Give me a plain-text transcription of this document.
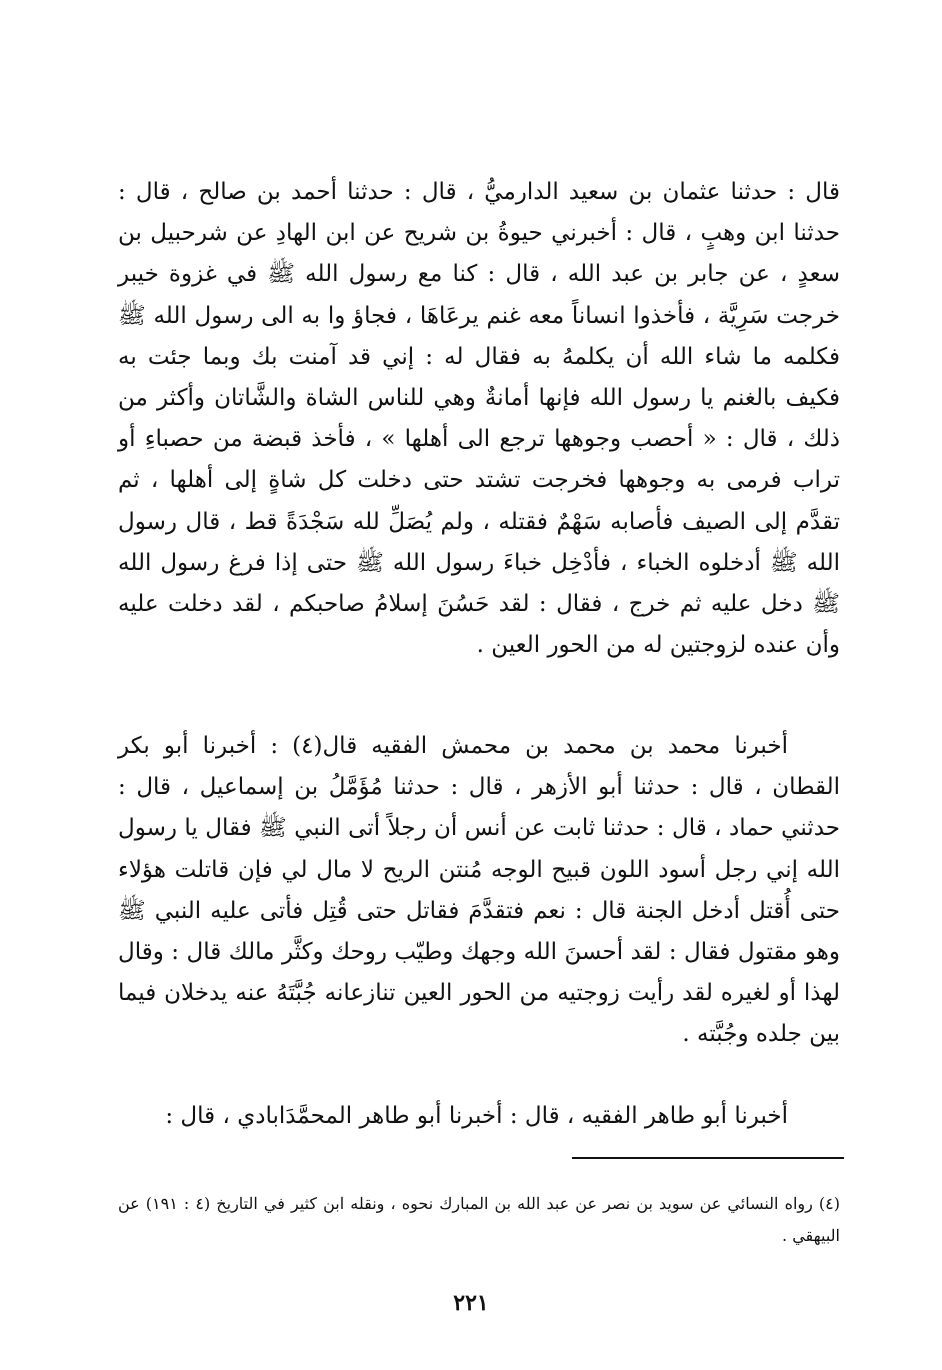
قال : حدثنا عثمان بن سعيد الدارميُّ ، قال : حدثنا أحمد بن صالح ، قال : حدثنا ابن وهبٍ ، قال : أخبرني حيوةُ بن شريح عن ابن الهادِ عن شرحبيل بن سعدٍ ، عن جابر بن عبد الله ، قال : كنا مع رسول الله ﷺ في غزوة خيبر خرجت سَرِيَّة ، فأخذوا انساناً معه غنم يرعَاهَا ، فجاؤ وا به الى رسول الله ﷺ فكلمه ما شاء الله أن يكلمهُ به فقال له : إني قد آمنت بك وبما جئت به فكيف بالغنم يا رسول الله فإنها أمانةٌ وهي للناس الشاة والشَّاتان وأكثر من ذلك ، قال : « أحصب وجوهها ترجع الى أهلها » ، فأخذ قبضة من حصباءِ أو تراب فرمى به وجوهها فخرجت تشتد حتى دخلت كل شاةٍ إلى أهلها ، ثم تقدَّم إلى الصيف فأصابه سَهْمٌ فقتله ، ولم يُصَلِّ لله سَجْدَةً قط ، قال رسول الله ﷺ أدخلوه الخباء ، فأدْخِل خباءَ رسول الله ﷺ حتى إذا فرغ رسول الله ﷺ دخل عليه ثم خرج ، فقال : لقد حَسُنَ إسلامُ صاحبكم ، لقد دخلت عليه وأن عنده لزوجتين له من الحور العين .

أخبرنا محمد بن محمد بن محمش الفقيه قال(٤) : أخبرنا أبو بكر القطان ، قال : حدثنا أبو الأزهر ، قال : حدثنا مُؤَمَّلُ بن إسماعيل ، قال : حدثني حماد ، قال : حدثنا ثابت عن أنس أن رجلاً أتى النبي ﷺ فقال يا رسول الله إني رجل أسود اللون قبيح الوجه مُنتن الريح لا مال لي فإن قاتلت هؤلاء حتى أُقتل أدخل الجنة قال : نعم فتقدَّمَ فقاتل حتى قُتِل فأتى عليه النبي ﷺ وهو مقتول فقال : لقد أحسنَ الله وجهك وطيّب روحك وكثَّر مالك قال : وقال لهذا أو لغيره لقد رأيت زوجتيه من الحور العين تنازعانه جُبَّتَهُ عنه يدخلان فيما بين جلده وجُبَّته .

أخبرنا أبو طاهر الفقيه ، قال : أخبرنا أبو طاهر المحمَّدَابادي ، قال :

(٤) رواه النسائي عن سويد بن نصر عن عبد الله بن المبارك نحوه ، ونقله ابن كثير في التاريخ (٤ : ١٩١) عن البيهقي .

٢٢١
